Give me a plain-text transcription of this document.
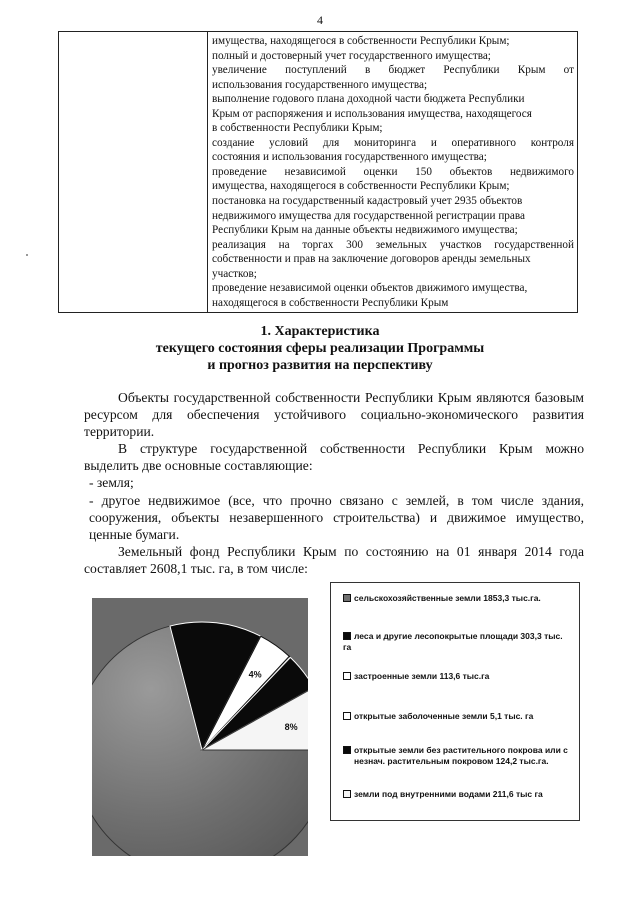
4

имущества, находящегося в собственности Республики Крым;
полный и достоверный учет государственного имущества;
увеличение поступлений в бюджет Республики Крым от
использования государственного имущества;
выполнение годового плана доходной части бюджета Республики
Крым от распоряжения и использования имущества, находящегося
в собственности Республики Крым;
создание условий для мониторинга и оперативного контроля
состояния и использования государственного имущества;
проведение независимой оценки 150 объектов недвижимого
имущества, находящегося в собственности Республики Крым;
постановка на государственный кадастровый учет 2935 объектов
недвижимого имущества для государственной регистрации права
Республики Крым на данные объекты недвижимого имущества;
реализация на торгах 300 земельных участков государственной
собственности и прав на заключение договоров аренды земельных
участков;
проведение независимой оценки объектов движимого имущества,
находящегося в собственности Республики Крым
1. Характеристика
текущего состояния сферы реализации Программы
и прогноз развития на перспективу

Объекты государственной собственности Республики Крым являются базовым ресурсом для обеспечения устойчивого социально-экономического развития территории.

В структуре государственной собственности Республики Крым можно выделить две основные составляющие:

- земля;

- другое недвижимое (все, что прочно связано с землей, в том числе здания, сооружения, объекты незавершенного строительства) и движимое имущество, ценные бумаги.

Земельный фонд Республики Крым по состоянию на 01 января 2014 года составляет 2608,1 тыс. га, в том числе:

4%
8%
сельскохозяйственные земли 1853,3 тыс.га.
леса и другие лесопокрытые площади 303,3 тыс. га
застроенные земли 113,6 тыс.га
открытые заболоченные земли 5,1 тыс. га
открытые земли без растительного покрова или с незнач. растительным покровом 124,2 тыс.га.
земли под внутренними водами 211,6 тыс га
